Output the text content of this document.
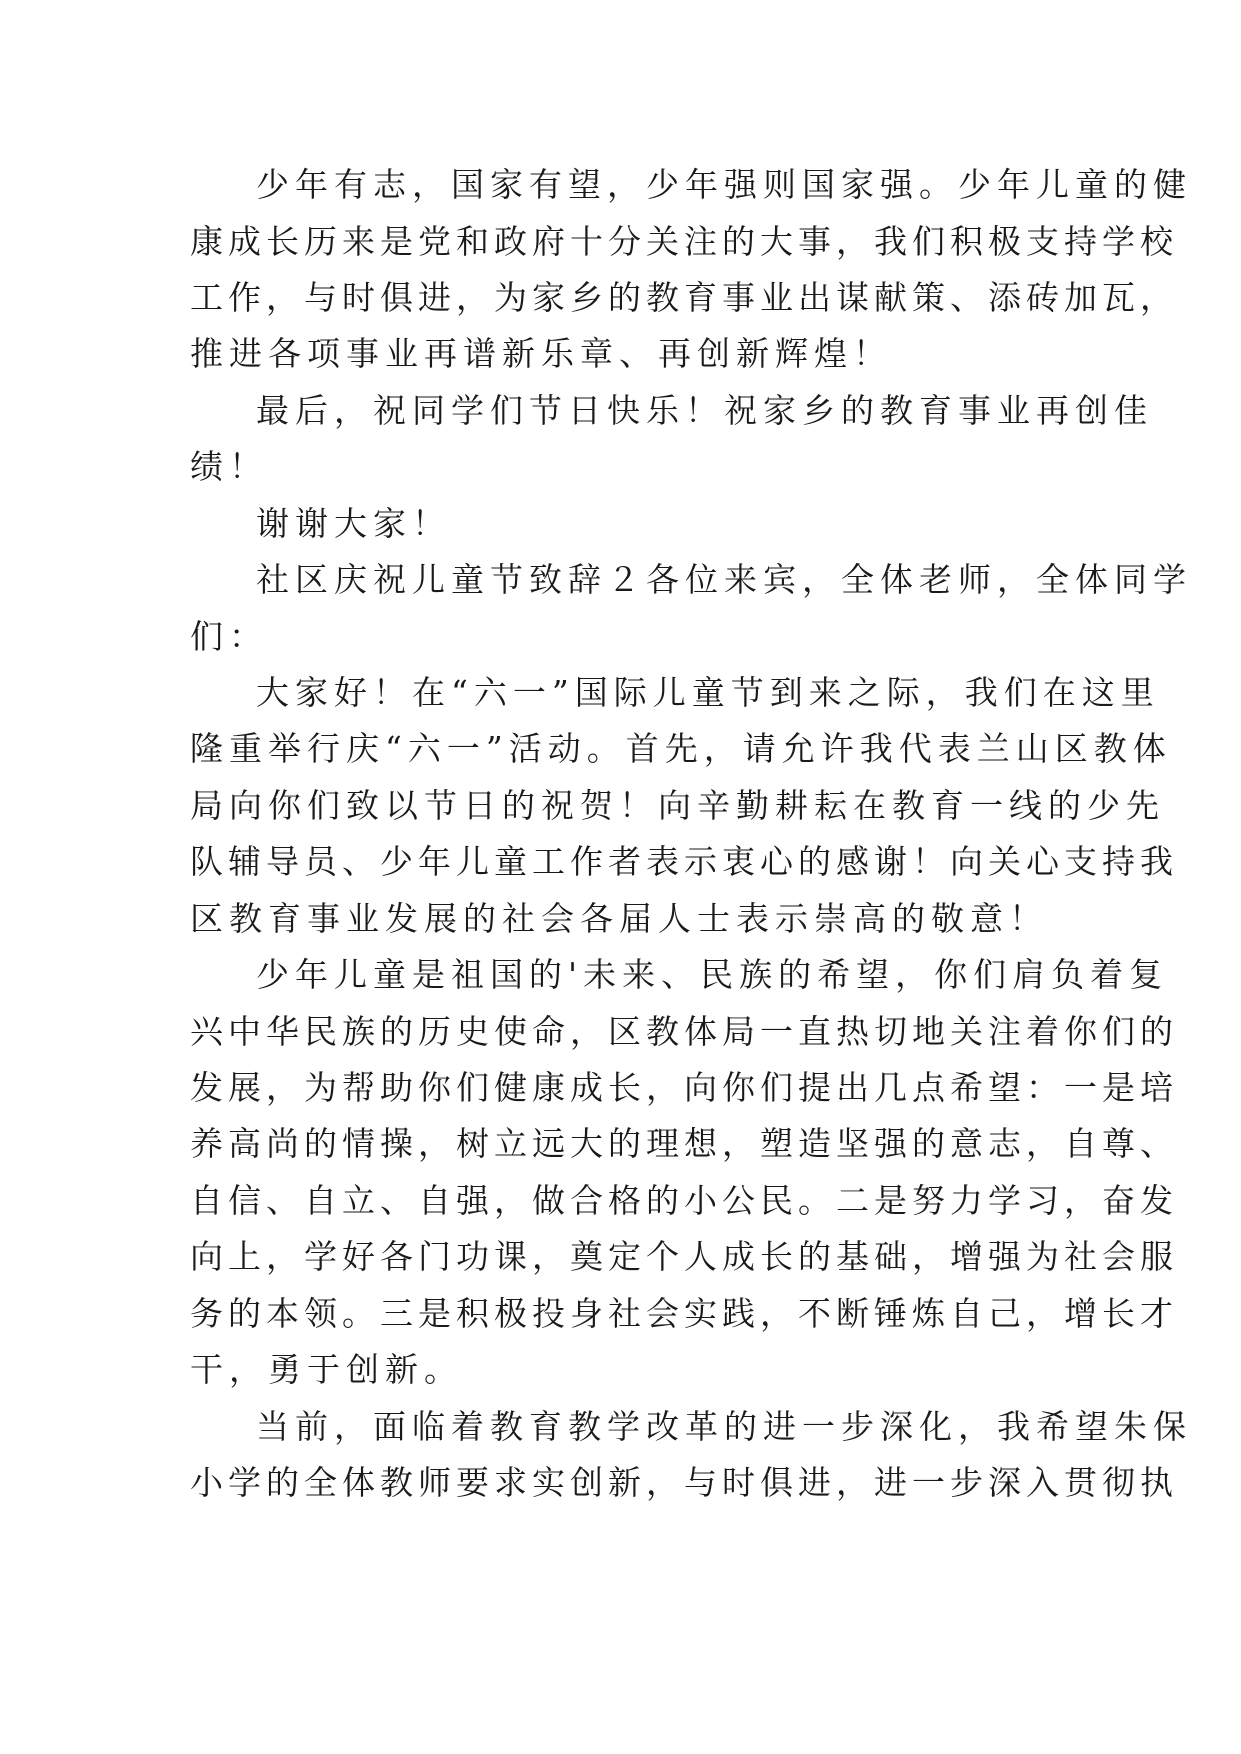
少年有志，国家有望，少年强则国家强。少年儿童的健
康成长历来是党和政府十分关注的大事，我们积极支持学校
工作，与时俱进，为家乡的教育事业出谋献策、添砖加瓦，
推进各项事业再谱新乐章、再创新辉煌！
最后，祝同学们节日快乐！祝家乡的教育事业再创佳
绩！
谢谢大家！
社区庆祝儿童节致辞２各位来宾，全体老师，全体同学
们：
大家好！在“六一”国际儿童节到来之际，我们在这里
隆重举行庆“六一”活动。首先，请允许我代表兰山区教体
局向你们致以节日的祝贺！向辛勤耕耘在教育一线的少先
队辅导员、少年儿童工作者表示衷心的感谢！向关心支持我
区教育事业发展的社会各届人士表示崇高的敬意！
少年儿童是祖国的'未来、民族的希望，你们肩负着复
兴中华民族的历史使命，区教体局一直热切地关注着你们的
发展，为帮助你们健康成长，向你们提出几点希望：一是培
养高尚的情操，树立远大的理想，塑造坚强的意志，自尊、
自信、自立、自强，做合格的小公民。二是努力学习，奋发
向上，学好各门功课，奠定个人成长的基础，增强为社会服
务的本领。三是积极投身社会实践，不断锤炼自己，增长才
干，勇于创新。
当前，面临着教育教学改革的进一步深化，我希望朱保
小学的全体教师要求实创新，与时俱进，进一步深入贯彻执
